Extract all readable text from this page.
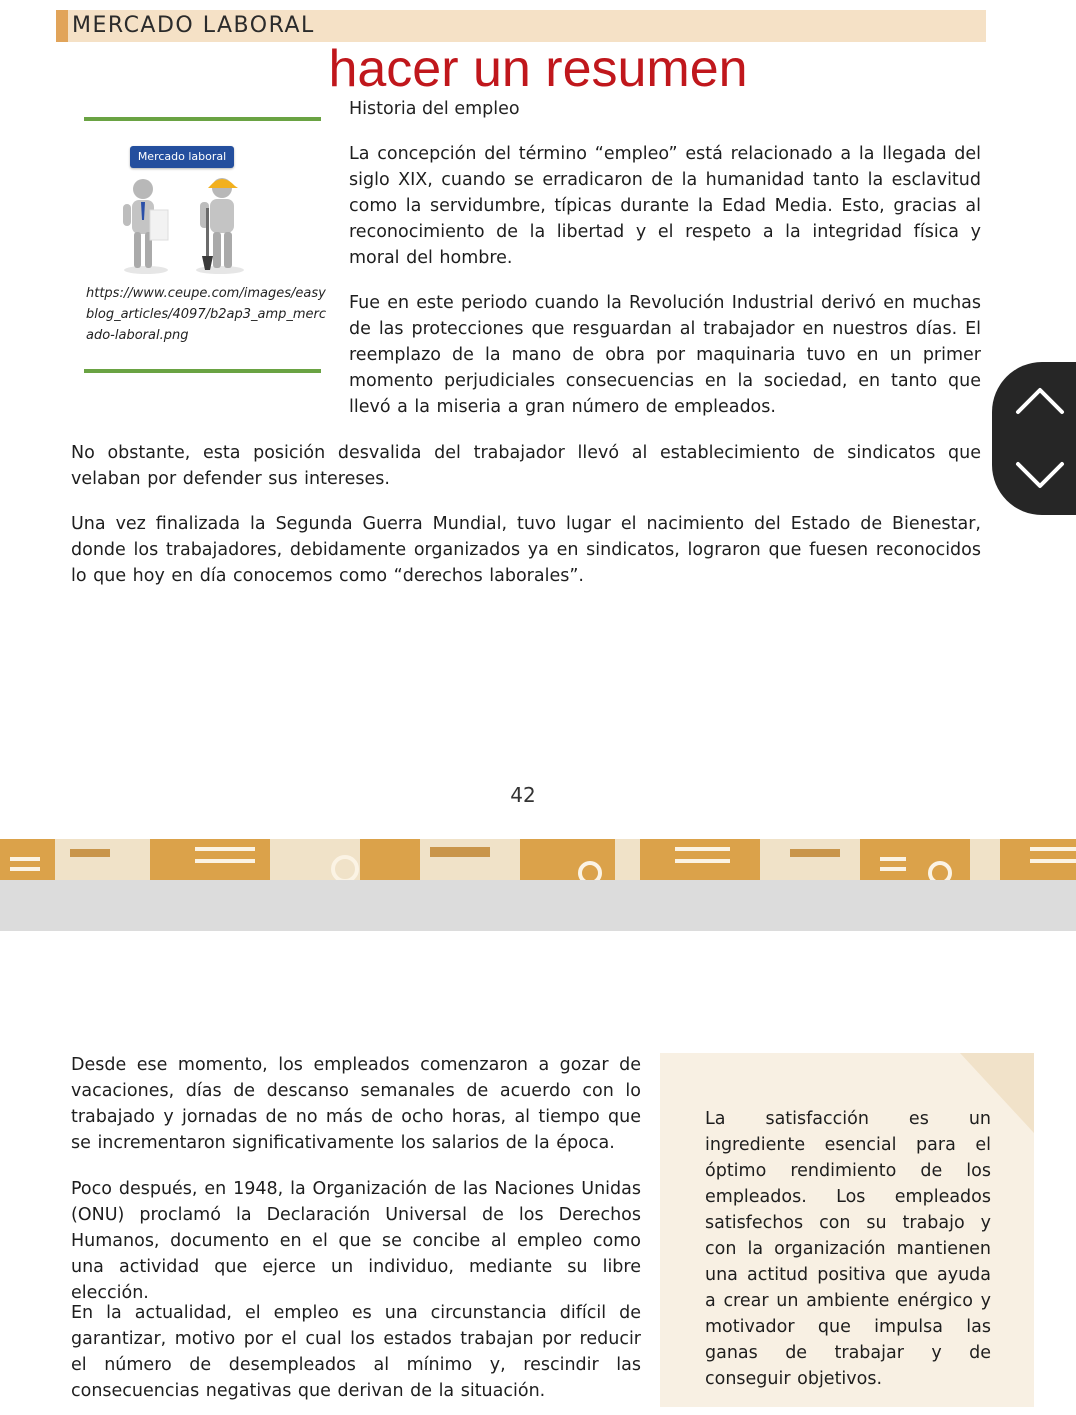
MERCADO LABORAL
hacer un resumen
Mercado laboral
https://www.ceupe.com/images/easyblog_articles/4097/b2ap3_amp_mercado-laboral.png
Historia del empleo

La concepción del término “empleo” está relacionado a la llegada del siglo XIX, cuando se erradicaron de la humanidad tanto la esclavitud como la servidumbre, típicas durante la Edad Media. Esto, gracias al reconocimiento de la libertad y el respeto a la integridad física y moral del hombre.

Fue en este periodo cuando la Revolución Industrial derivó en muchas de las protecciones que resguardan al trabajador en nuestros días. El reemplazo de la mano de obra por maquinaria tuvo en un primer momento perjudiciales consecuencias en la sociedad, en tanto que llevó a la miseria a gran número de empleados.

No obstante, esta posición desvalida del trabajador llevó al establecimiento de sindicatos que velaban por defender sus intereses.

Una vez finalizada la Segunda Guerra Mundial, tuvo lugar el nacimiento del Estado de Bienestar, donde los trabajadores, debidamente organizados ya en sindicatos, lograron que fuesen reconocidos lo que hoy en día conocemos como “derechos laborales”.

42

Desde ese momento, los empleados comenzaron a gozar de vacaciones, días de descanso semanales de acuerdo con lo trabajado y jornadas de no más de ocho horas, al tiempo que se incrementaron significativamente los salarios de la época.

Poco después, en 1948, la Organización de las Naciones Unidas (ONU) proclamó la Declaración Universal de los Derechos Humanos, documento en el que se concibe al empleo como una actividad que ejerce un individuo, mediante su libre elección.

En la actualidad, el empleo es una circunstancia difícil de garantizar, motivo por el cual los estados trabajan por reducir el número de desempleados al mínimo y, rescindir las consecuencias negativas que derivan de la situación.

La satisfacción es un ingrediente esencial para el óptimo rendimiento de los empleados. Los empleados satisfechos con su trabajo y con la organización mantienen una actitud positiva que ayuda a crear un ambiente enérgico y motivador que impulsa las ganas de trabajar y de conseguir objetivos.
